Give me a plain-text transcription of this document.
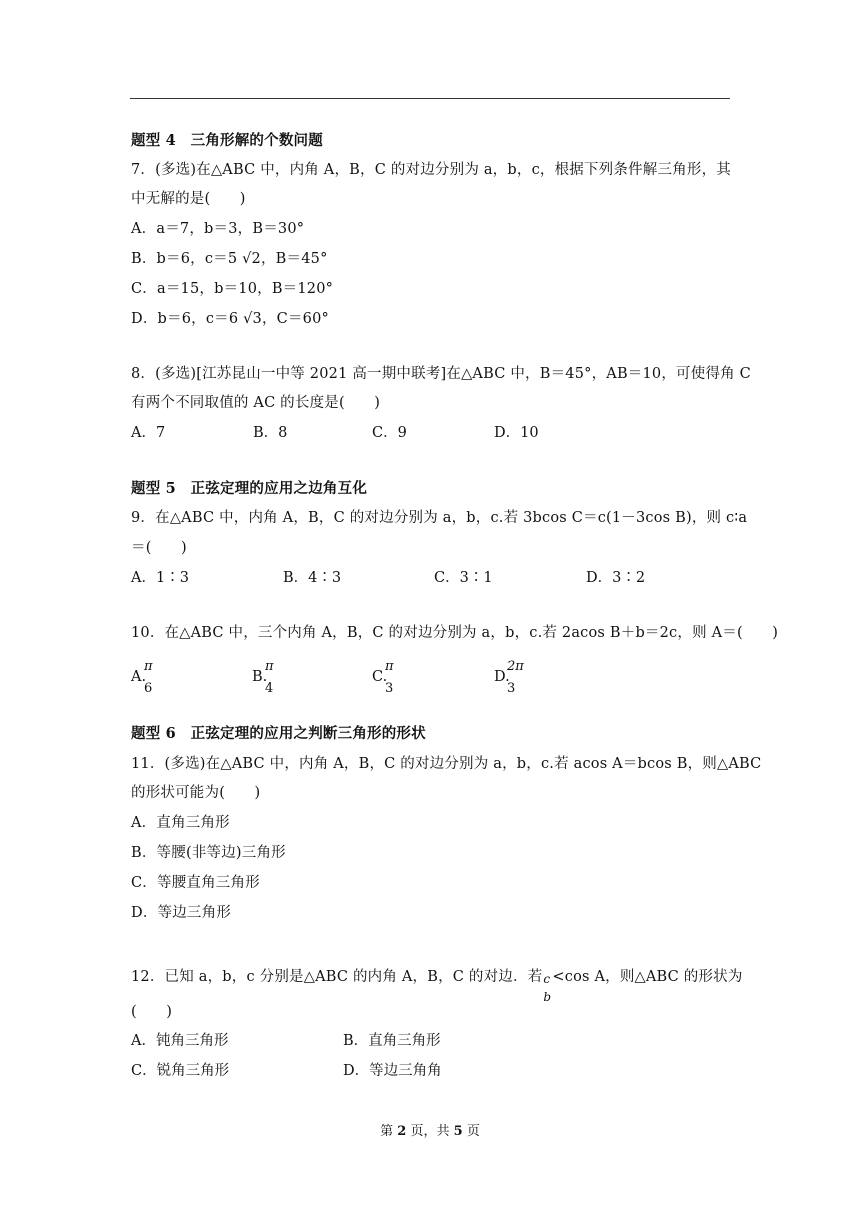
题型 4　三角形解的个数问题
7．(多选)在△ABC 中，内角 A，B，C 的对边分别为 a，b，c，根据下列条件解三角形，其
中无解的是(　　)
A．a＝7，b＝3，B＝30°
B．b＝6，c＝5 √2，B＝45°
C．a＝15，b＝10，B＝120°
D．b＝6，c＝6 √3，C＝60°
8．(多选)[江苏昆山一中等 2021 高一期中联考]在△ABC 中，B＝45°，AB＝10，可使得角 C
有两个不同取值的 AC 的长度是(　　)
A．7	B．8	C．9	D．10
题型 5　正弦定理的应用之边角互化
9．在△ABC 中，内角 A，B，C 的对边分别为 a，b，c.若 3bcos C＝c(1－3cos B)，则 c∶a
＝(　　)
A．1∶3	B．4∶3	C．3∶1	D．3∶2
10．在△ABC 中，三个内角 A，B，C 的对边分别为 a，b，c.若 2acos B＋b＝2c，则 A＝(　　)
A.
π
6
B.
π
4
C.
π
3
D.
2π
3
题型 6　正弦定理的应用之判断三角形的形状
11．(多选)在△ABC 中，内角 A，B，C 的对边分别为 a，b，c.若 acos A＝bcos B，则△ABC
的形状可能为(　　)
A．直角三角形
B．等腰(非等边)三角形
C．等腰直角三角形
D．等边三角形
12．已知 a，b，c 分别是△ABC 的内角 A，B，C 的对边．若 c
b
<cos A，则△ABC 的形状为
(　　)
A．钝角三角形	B．直角三角形
C．锐角三角形	D．等边三角角
第 2 页，共 5 页
